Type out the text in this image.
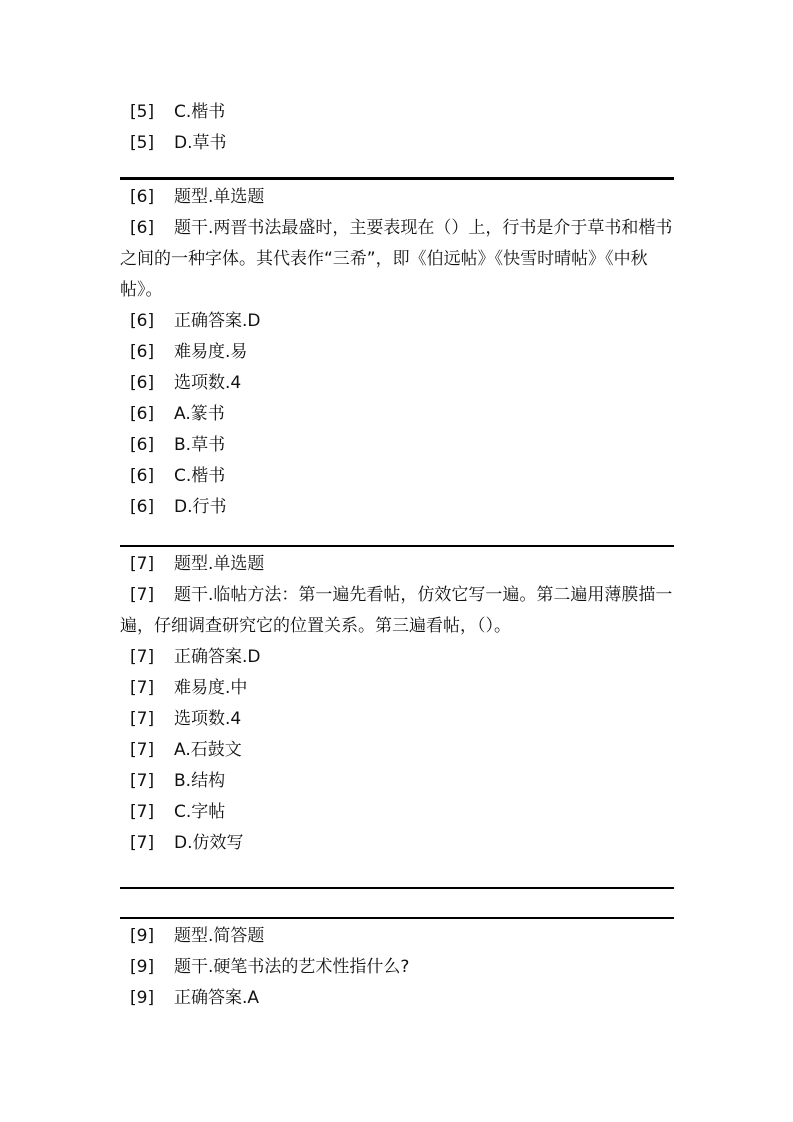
[5] C.楷书
[5] D.草书
[6] 题型.单选题
[6] 题干.两晋书法最盛时，主要表现在（）上，行书是介于草书和楷书之间的一种字体。其代表作“三希”，即《伯远帖》《快雪时晴帖》《中秋帖》。
[6] 正确答案.D
[6] 难易度.易
[6] 选项数.4
[6] A.篆书
[6] B.草书
[6] C.楷书
[6] D.行书
[7] 题型.单选题
[7] 题干.临帖方法：第一遍先看帖，仿效它写一遍。第二遍用薄膜描一遍，仔细调查研究它的位置关系。第三遍看帖，（）。
[7] 正确答案.D
[7] 难易度.中
[7] 选项数.4
[7] A.石鼓文
[7] B.结构
[7] C.字帖
[7] D.仿效写
[9] 题型.简答题
[9] 题干.硬笔书法的艺术性指什么?
[9] 正确答案.A
